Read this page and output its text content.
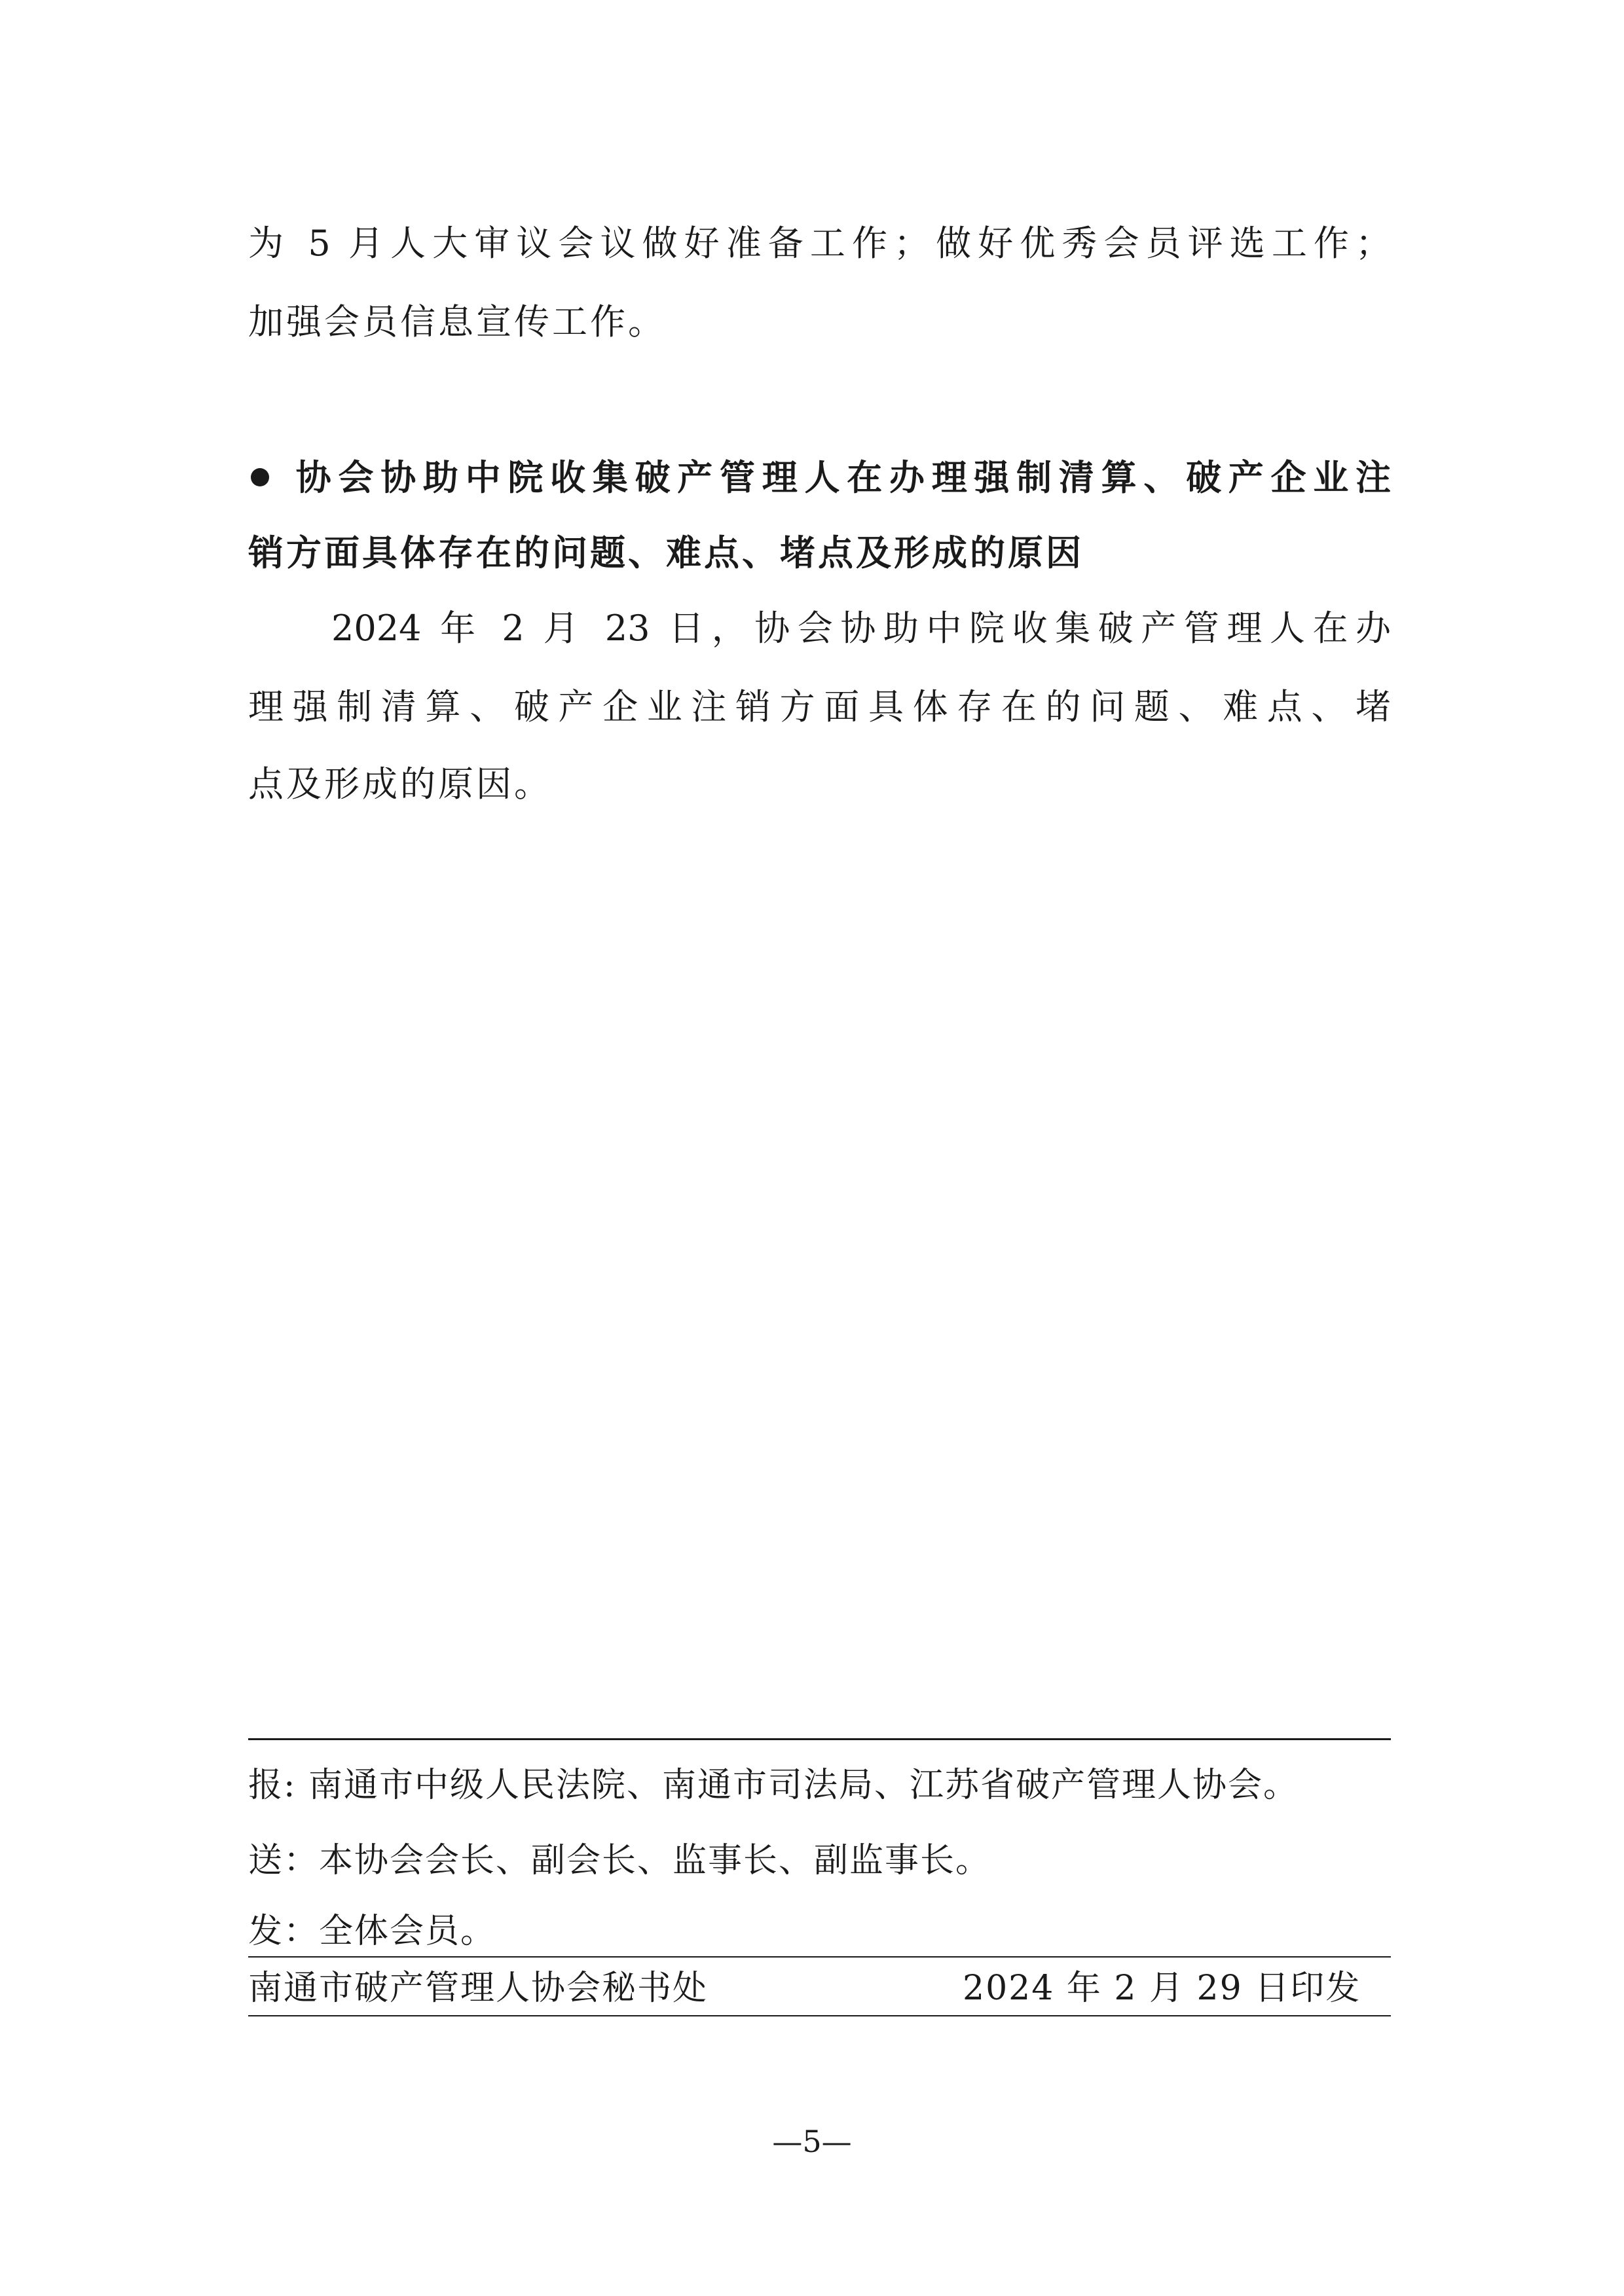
为 5 月人大审议会议做好准备工作；做好优秀会员评选工作；
加强会员信息宣传工作。
协会协助中院收集破产管理人在办理强制清算、破产企业注
销方面具体存在的问题、难点、堵点及形成的原因
2024 年 2 月 23 日，协会协助中院收集破产管理人在办
理强制清算、破产企业注销方面具体存在的问题、难点、堵
点及形成的原因。
报: 南通市中级人民法院、南通市司法局、江苏省破产管理人协会。
送：本协会会长、副会长、监事长、副监事长。
发：全体会员。
南通市破产管理人协会秘书处	2024 年 2 月 29 日印发
—5—
